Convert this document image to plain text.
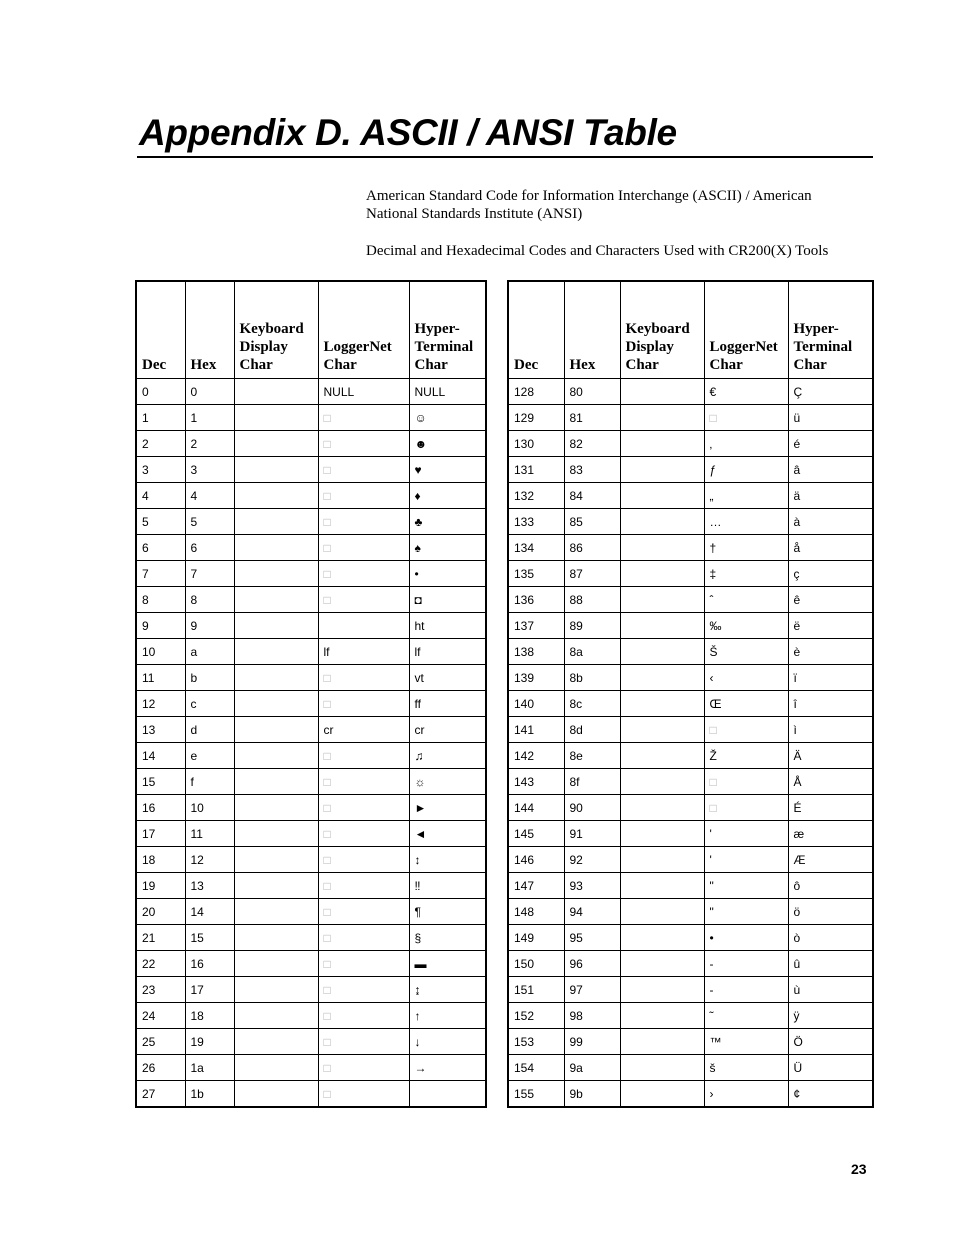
Appendix D. ASCII / ANSI Table

American Standard Code for Information Interchange (ASCII) / American National Standards Institute (ANSI)

Decimal and Hexadecimal Codes and Characters Used with CR200(X) Tools

Dec	Hex	Keyboard Display Char	LoggerNet Char	Hyper-Terminal Char
0	0		NULL	NULL
1	1		□	☺
2	2		□	☻
3	3		□	♥
4	4		□	♦
5	5		□	♣
6	6		□	♠
7	7		□	•
8	8		□	◘
9	9			ht
10	a		lf	lf
11	b		□	vt
12	c		□	ff
13	d		cr	cr
14	e		□	♫
15	f		□	☼
16	10		□	►
17	11		□	◄
18	12		□	↕
19	13		□	‼
20	14		□	¶
21	15		□	§
22	16		□	▬
23	17		□	↨
24	18		□	↑
25	19		□	↓
26	1a		□	→
27	1b		□	
Dec	Hex	Keyboard Display Char	LoggerNet Char	Hyper-Terminal Char
128	80		€	Ç
129	81		□	ü
130	82		‚	é
131	83		ƒ	â
132	84		„	ä
133	85		…	à
134	86		†	å
135	87		‡	ç
136	88		ˆ	ê
137	89		‰	ë
138	8a		Š	è
139	8b		‹	ï
140	8c		Œ	î
141	8d		□	ì
142	8e		Ž	Ä
143	8f		□	Å
144	90		□	É
145	91		'	æ
146	92		'	Æ
147	93		"	ô
148	94		"	ö
149	95		•	ò
150	96		-	û
151	97		-	ù
152	98		˜	ÿ
153	99		™	Ö
154	9a		š	Ü
155	9b		›	¢
23
